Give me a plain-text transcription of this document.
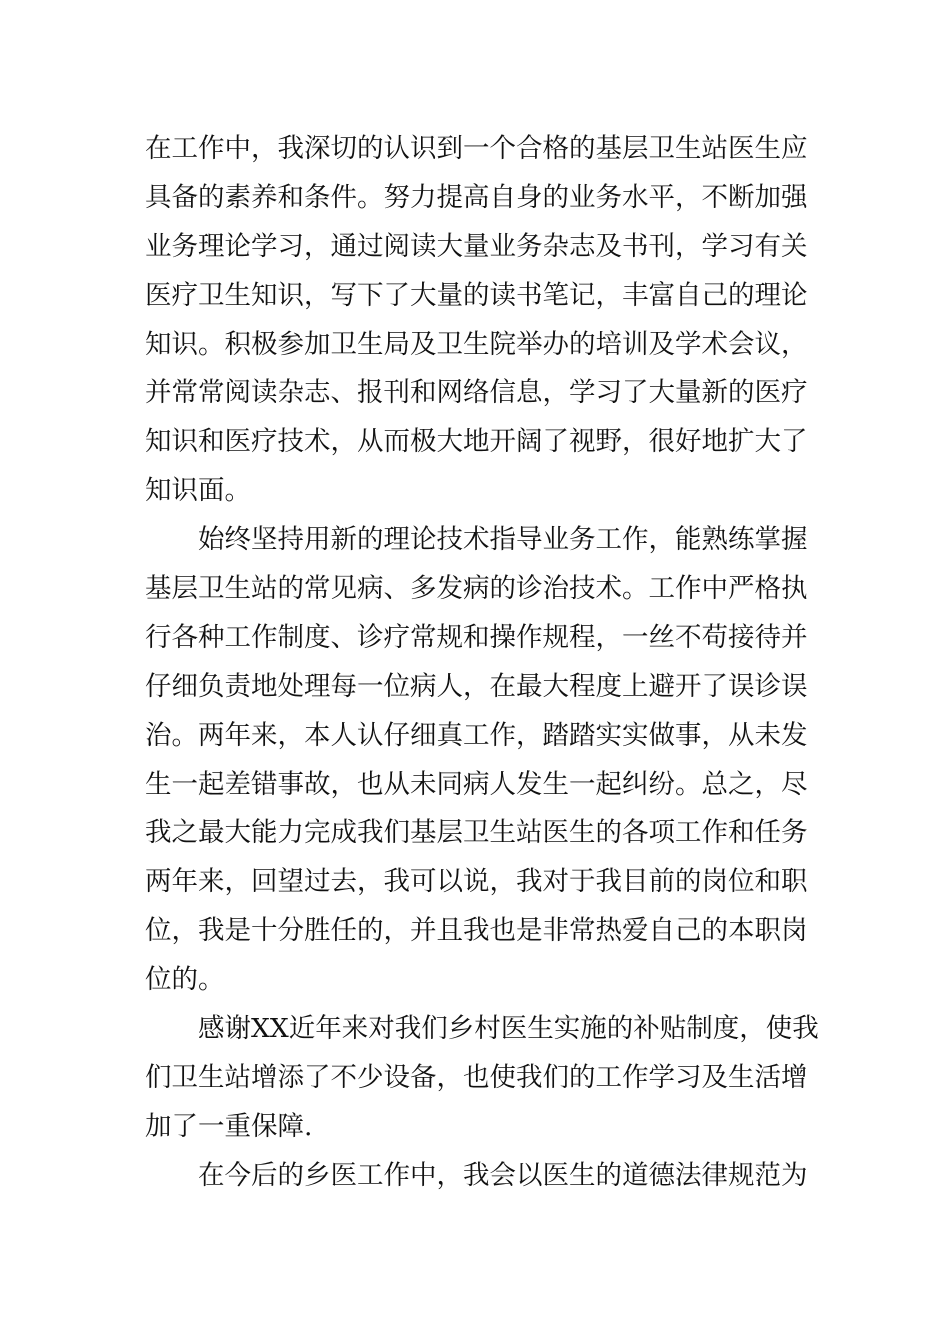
在工作中，我深切的认识到一个合格的基层卫生站医生应
具备的素养和条件。努力提高自身的业务水平，不断加强
业务理论学习，通过阅读大量业务杂志及书刊，学习有关
医疗卫生知识，写下了大量的读书笔记，丰富自己的理论
知识。积极参加卫生局及卫生院举办的培训及学术会议，
并常常阅读杂志、报刊和网络信息，学习了大量新的医疗
知识和医疗技术，从而极大地开阔了视野，很好地扩大了
知识面。
始终坚持用新的理论技术指导业务工作，能熟练掌握
基层卫生站的常见病、多发病的诊治技术。工作中严格执
行各种工作制度、诊疗常规和操作规程，一丝不苟接待并
仔细负责地处理每一位病人，在最大程度上避开了误诊误
治。两年来，本人认仔细真工作，踏踏实实做事，从未发
生一起差错事故，也从未同病人发生一起纠纷。总之，尽
我之最大能力完成我们基层卫生站医生的各项工作和任务
两年来，回望过去，我可以说，我对于我目前的岗位和职
位，我是十分胜任的，并且我也是非常热爱自己的本职岗
位的。
感谢XX近年来对我们乡村医生实施的补贴制度，使我
们卫生站增添了不少设备，也使我们的工作学习及生活增
加了一重保障.
在今后的乡医工作中，我会以医生的道德法律规范为
